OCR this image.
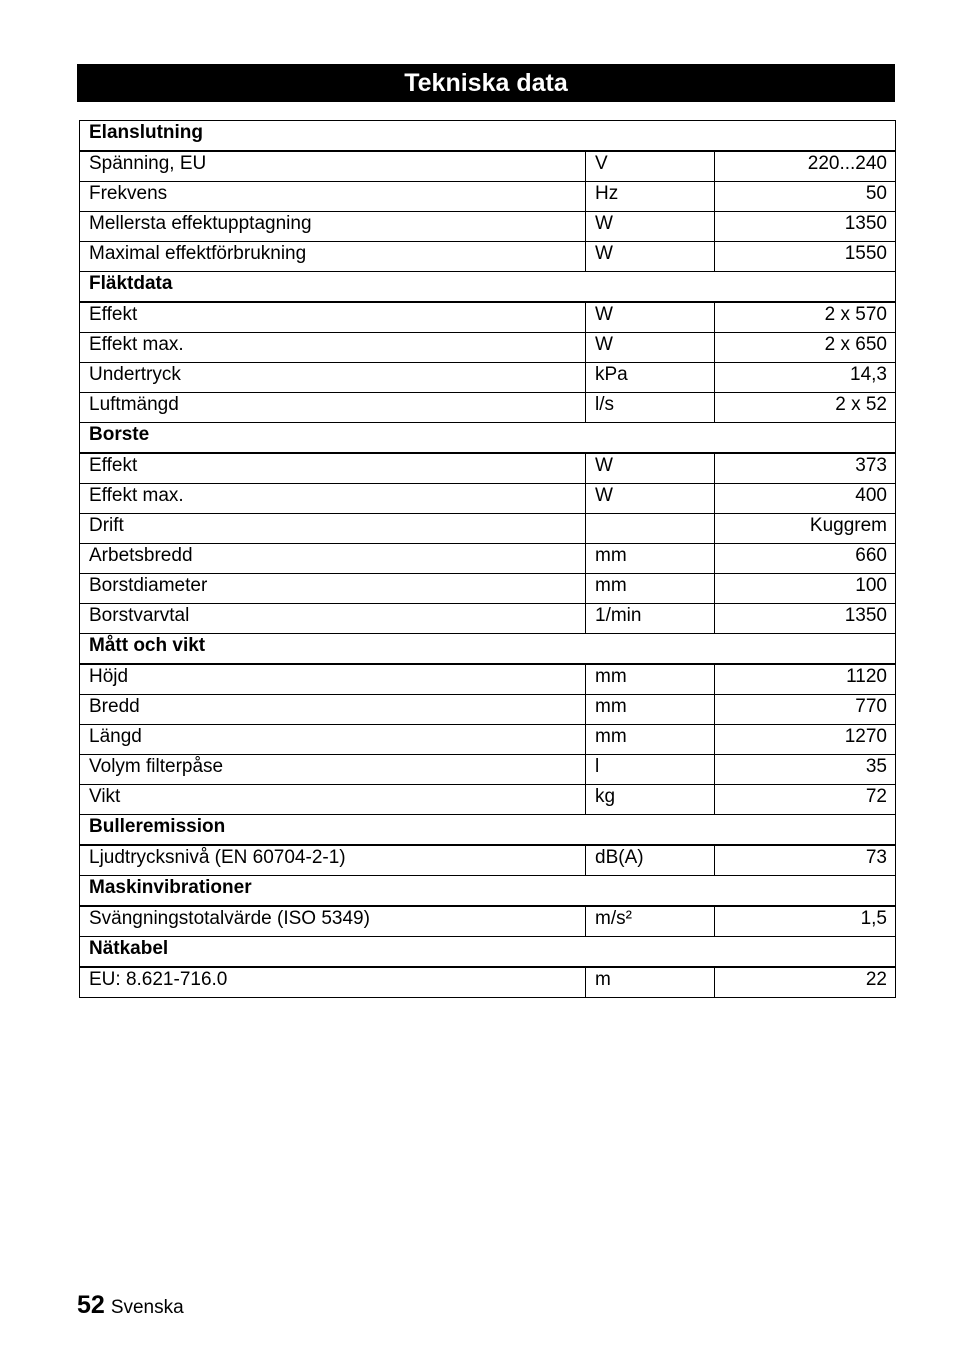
Tekniska data
Elanslutning		
Spänning, EU	V	220...240
Frekvens	Hz	50
Mellersta effektupptagning	W	1350
Maximal effektförbrukning	W	1550
Fläktdata		
Effekt	W	2 x 570
Effekt max.	W	2 x 650
Undertryck	kPa	14,3
Luftmängd	l/s	2 x 52
Borste		
Effekt	W	373
Effekt max.	W	400
Drift		Kuggrem
Arbetsbredd	mm	660
Borstdiameter	mm	100
Borstvarvtal	1/min	1350
Mått och vikt		
Höjd	mm	1120
Bredd	mm	770
Längd	mm	1270
Volym filterpåse	l	35
Vikt	kg	72
Bulleremission		
Ljudtrycksnivå (EN 60704-2-1)	dB(A)	73
Maskinvibrationer		
Svängningstotalvärde (ISO 5349)	m/s²	1,5
Nätkabel		
EU: 8.621-716.0	m	22
52 Svenska
